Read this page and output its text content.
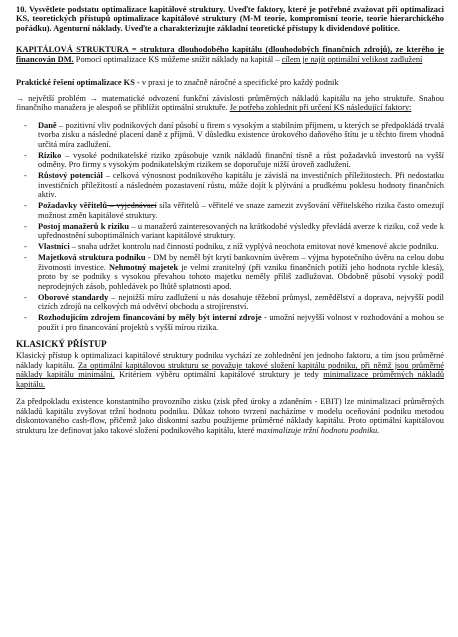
10. Vysvětlete podstatu optimalizace kapitálové struktury. Uveďte faktory, které je potřebné zvažovat při optimalizaci KS, teoretických přístupů optimalizace kapitálové struktury (M-M teorie, kompromisní teorie, teorie hierarchického pořádku). Agenturní náklady. Uveďte a charakterizujte základní teoretické přístupy k dividendové politice.

KAPITÁLOVÁ STRUKTURA = struktura dlouhodobého kapitálu (dlouhodobých finančních zdrojů), ze kterého je financován DM. Pomocí optimalizace KS můžeme snížit náklady na kapitál – cílem je najít optimální velikost zadlužení

Praktické řešení optimalizace KS - v praxi je to značně náročné a specifické pro každý podnik

→ největší problém → matematické odvození funkční závislosti průměrných nákladů kapitálu na jeho struktuře. Snahou finančního manažera je alespoň se přiblížit optimální struktuře. Je potřeba zohlednit při určení KS následující faktory:

- Daně – pozitivní vliv podnikových daní působí u firem s vysokým a stabilním příjmem, u kterých se předpokládá trvalá tvorba zisku a následné placení daně z příjmů. V důsledku existence úrokového daňového štítu je u těchto firem vhodná určitá míra zadlužení.
- Riziko – vysoké podnikatelské riziko způsobuje vznik nákladů finanční tísně a růst požadavků investorů na vyšší odměny. Pro firmy s vysokým podnikatelským rizikem se doporučuje nižší úroveň zadlužení.
- Růstový potenciál – celková výnosnost podnikového kapitálu je závislá na investičních příležitostech. Při nedostatku investičních příležitostí a následném pozastavení růstu, může dojít k plýtvání a prudkému poklesu hodnoty finančních aktiv.
- Požadavky věřitelů – vyjednávací síla věřitelů – věřitelé ve snaze zamezit zvyšování věřitelského rizika často omezují možnost změn kapitálové struktury.
- Postoj manažerů k riziku – u manažerů zainteresovaných na krátkodobé výsledky převládá averze k riziku, což vede k upřednostnění suboptimálních variant kapitálové struktury.
- Vlastníci – snaha udržet kontrolu nad činností podniku, z níž vyplývá neochota emitovat nové kmenové akcie podniku.
- Majetková struktura podniku - DM by neměl být krytí bankovním úvěrem – výjma hypotečního úvěru na celou dobu životnosti investice. Nehmotný majetek je velmi zranitelný (při vzniku finančních potíží jeho hodnota rychle klesá), proto by se podniky s vysokou převahou tohoto majetku neměly příliš zadlužovat. Obdobně působí vysoký podíl neprodejných zásob, pohledávek po lhůtě splatnosti apod.
- Oborové standardy – nejnižší míru zadlužení u nás dosahuje těžební průmysl, zemědělství a doprava, nejvyšší podíl cizích zdrojů na celkových má odvětví obchodu a strojírenství.
- Rozhodujícím zdrojem financování by měly být interní zdroje - umožní nejvyšší volnost v rozhodování a mohou se použít i pro financování projektů s vyšší mírou rizika.

KLASICKÝ PŘÍSTUP

Klasický přístup k optimalizaci kapitálové struktury podniku vychází ze zohlednění jen jednoho faktoru, a tím jsou průměrné náklady kapitálu. Za optimální kapitálovou strukturu se považuje takové složení kapitálu podniku, při němž jsou průměrné náklady kapitálu minimální. Kritériem výběru optimální kapitálové struktury je tedy minimalizace průměrných nákladů kapitálu.

Za předpokladu existence konstantního provozního zisku (zisk před úroky a zdaněním - EBIT) lze minimalizací průměrných nákladů kapitálu zvyšovat tržní hodnotu podniku. Důkaz tohoto tvrzení nacházíme v modelu oceňování podniku metodou diskontovaného cash-flow, přičemž jako diskontní sazbu použijeme průměrné náklady kapitálu. Proto optimální kapitálovou strukturu lze definovat jako takové složení podnikového kapitálu, které maximalizuje tržní hodnotu podniku.
